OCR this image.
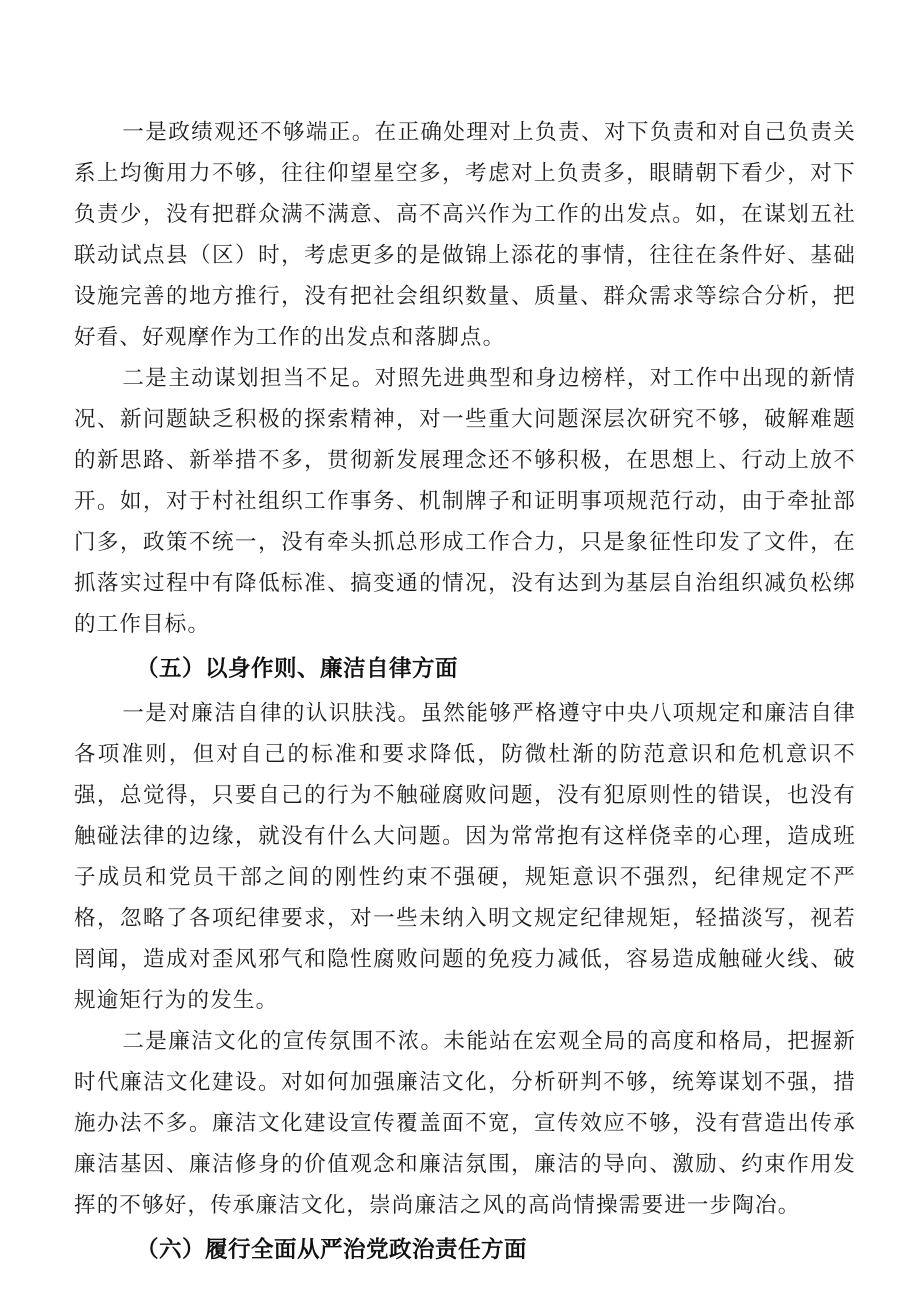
一是政绩观还不够端正。在正确处理对上负责、对下负责和对自己负责关系上均衡用力不够，往往仰望星空多，考虑对上负责多，眼睛朝下看少，对下负责少，没有把群众满不满意、高不高兴作为工作的出发点。如，在谋划五社联动试点县（区）时，考虑更多的是做锦上添花的事情，往往在条件好、基础设施完善的地方推行，没有把社会组织数量、质量、群众需求等综合分析，把好看、好观摩作为工作的出发点和落脚点。

二是主动谋划担当不足。对照先进典型和身边榜样，对工作中出现的新情况、新问题缺乏积极的探索精神，对一些重大问题深层次研究不够，破解难题的新思路、新举措不多，贯彻新发展理念还不够积极，在思想上、行动上放不开。如，对于村社组织工作事务、机制牌子和证明事项规范行动，由于牵扯部门多，政策不统一，没有牵头抓总形成工作合力，只是象征性印发了文件，在抓落实过程中有降低标准、搞变通的情况，没有达到为基层自治组织减负松绑的工作目标。

（五）以身作则、廉洁自律方面

一是对廉洁自律的认识肤浅。虽然能够严格遵守中央八项规定和廉洁自律各项准则，但对自己的标准和要求降低，防微杜渐的防范意识和危机意识不强，总觉得，只要自己的行为不触碰腐败问题，没有犯原则性的错误，也没有触碰法律的边缘，就没有什么大问题。因为常常抱有这样侥幸的心理，造成班子成员和党员干部之间的刚性约束不强硬，规矩意识不强烈，纪律规定不严格，忽略了各项纪律要求，对一些未纳入明文规定纪律规矩，轻描淡写，视若罔闻，造成对歪风邪气和隐性腐败问题的免疫力减低，容易造成触碰火线、破规逾矩行为的发生。

二是廉洁文化的宣传氛围不浓。未能站在宏观全局的高度和格局，把握新时代廉洁文化建设。对如何加强廉洁文化，分析研判不够，统筹谋划不强，措施办法不多。廉洁文化建设宣传覆盖面不宽，宣传效应不够，没有营造出传承廉洁基因、廉洁修身的价值观念和廉洁氛围，廉洁的导向、激励、约束作用发挥的不够好，传承廉洁文化，崇尚廉洁之风的高尚情操需要进一步陶冶。

（六）履行全面从严治党政治责任方面
